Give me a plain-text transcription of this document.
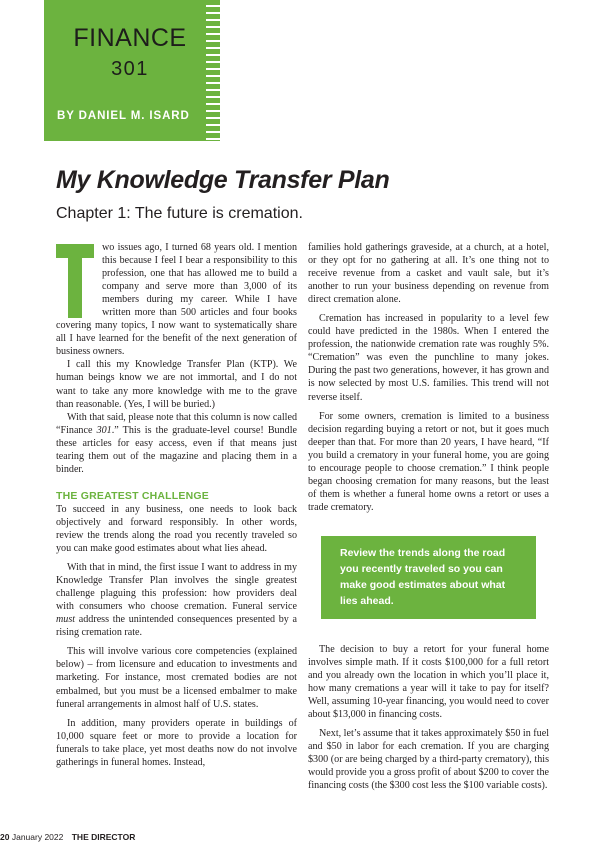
FINANCE
301
BY DANIEL M. ISARD
My Knowledge Transfer Plan
Chapter 1: The future is cremation.

wo issues ago, I turned 68 years old. I mention this because I feel I bear a responsibility to this profession, one that has allowed me to build a company and serve more than 3,000 of its members during my career. While I have written more than 500 articles and four books covering many topics, I now want to systematically share all I have learned for the benefit of the next generation of business owners.

I call this my Knowledge Transfer Plan (KTP). We human beings know we are not immortal, and I do not want to take any more knowledge with me to the grave than reasonable. (Yes, I will be buried.)

With that said, please note that this column is now called “Finance 301.” This is the graduate-level course! Bundle these articles for easy access, even if that means just tearing them out of the magazine and placing them in a binder.

THE GREATEST CHALLENGE

To succeed in any business, one needs to look back objectively and forward responsibly. In other words, review the trends along the road you recently traveled so you can make good estimates about what lies ahead.

With that in mind, the first issue I want to address in my Knowledge Transfer Plan involves the single greatest challenge plaguing this profession: how providers deal with consumers who choose cremation. Funeral service must address the unintended consequences presented by a rising cremation rate.

This will involve various core competencies (explained below) – from licensure and education to investments and marketing. For instance, most cremated bodies are not embalmed, but you must be a licensed embalmer to make funeral arrangements in almost half of U.S. states.

In addition, many providers operate in buildings of 10,000 square feet or more to provide a location for funerals to take place, yet most deaths now do not involve gatherings in funeral homes. Instead,

families hold gatherings graveside, at a church, at a hotel, or they opt for no gathering at all. It’s one thing not to receive revenue from a casket and vault sale, but it’s another to run your business depending on revenue from direct cremation alone.

Cremation has increased in popularity to a level few could have predicted in the 1980s. When I entered the profession, the nationwide cremation rate was roughly 5%. “Cremation” was even the punchline to many jokes. During the past two generations, however, it has grown and is now selected by most U.S. families. This trend will not reverse itself.

For some owners, cremation is limited to a business decision regarding buying a retort or not, but it goes much deeper than that. For more than 20 years, I have heard, “If you build a crematory in your funeral home, you are going to encourage people to choose cremation.” I think people began choosing cremation for many reasons, but the least of them is whether a funeral home owns a retort or uses a trade crematory.

Review the trends along the road you recently traveled so you can make good estimates about what lies ahead.

The decision to buy a retort for your funeral home involves simple math. If it costs $100,000 for a full retort and you already own the location in which you’ll place it, how many cremations a year will it take to pay for itself? Well, assuming 10-year financing, you would need to cover about $13,000 in financing costs.

Next, let’s assume that it takes approximately $50 in fuel and $50 in labor for each cremation. If you are charging $300 (or are being charged by a third-party crematory), this would provide you a gross profit of about $200 to cover the financing costs (the $300 cost less the $100 variable costs).

20 January 2022 THE DIRECTOR
